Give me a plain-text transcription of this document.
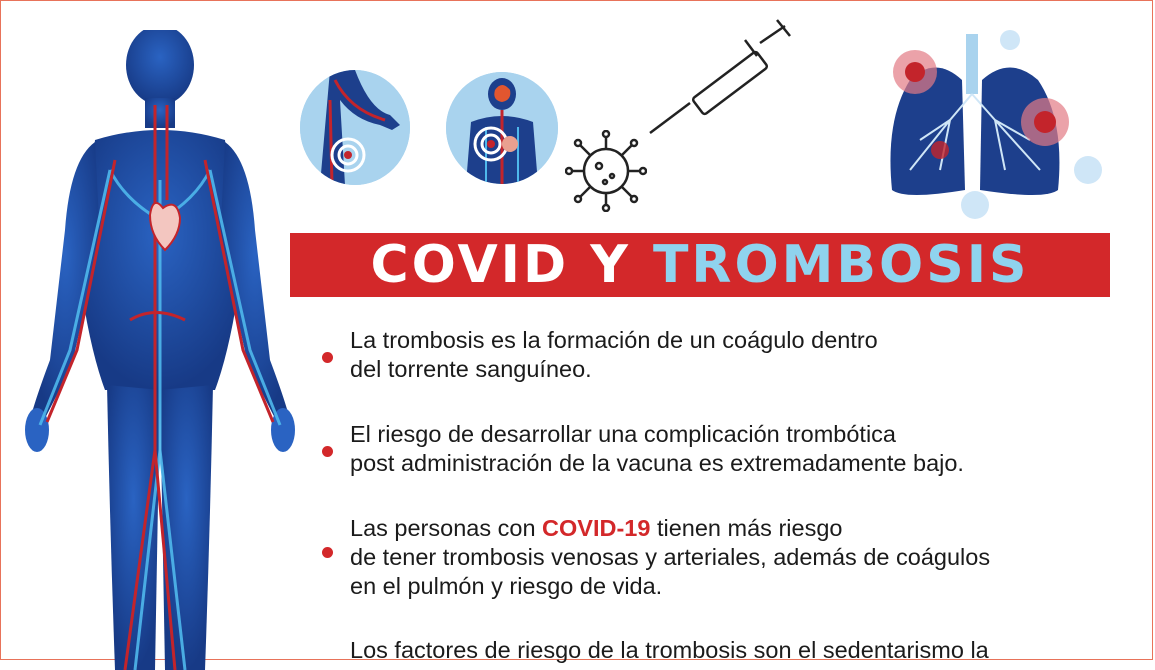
COVID Y TROMBOSIS
La trombosis es la formación de un coágulo dentro
del torrente sanguíneo.
El riesgo de desarrollar una complicación trombótica
post administración de la vacuna es extremadamente bajo.
Las personas con COVID-19 tienen más riesgo
de tener trombosis venosas y arteriales, además de coágulos
en el pulmón y riesgo de vida.
Los factores de riesgo de la trombosis son el sedentarismo la
